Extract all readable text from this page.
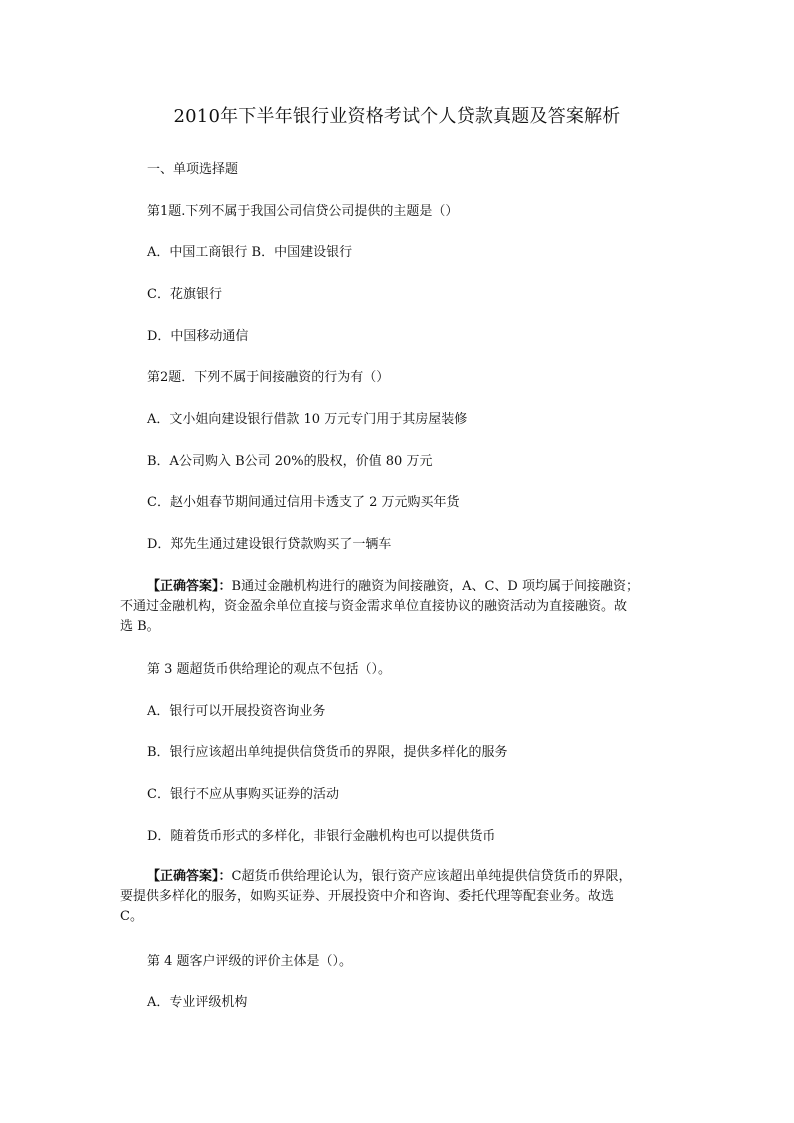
2010年下半年银行业资格考试个人贷款真题及答案解析
一、单项选择题
第1题.下列不属于我国公司信贷公司提供的主题是（）
A．中国工商银行 B．中国建设银行
C．花旗银行
D．中国移动通信
第2题．下列不属于间接融资的行为有（）
A．文小姐向建设银行借款 10 万元专门用于其房屋装修
B．A公司购入 B公司 20%的股权，价值 80 万元
C．赵小姐春节期间通过信用卡透支了 2 万元购买年货
D．郑先生通过建设银行贷款购买了一辆车
【正确答案】：B通过金融机构进行的融资为间接融资，A、C、D 项均属于间接融资；
不通过金融机构，资金盈余单位直接与资金需求单位直接协议的融资活动为直接融资。故
选 B。
第 3 题超货币供给理论的观点不包括（）。
A．银行可以开展投资咨询业务
B．银行应该超出单纯提供信贷货币的界限，提供多样化的服务
C．银行不应从事购买证券的活动
D．随着货币形式的多样化，非银行金融机构也可以提供货币
【正确答案】：C超货币供给理论认为，银行资产应该超出单纯提供信贷货币的界限，
要提供多样化的服务，如购买证券、开展投资中介和咨询、委托代理等配套业务。故选
C。
第 4 题客户评级的评价主体是（）。
A．专业评级机构
